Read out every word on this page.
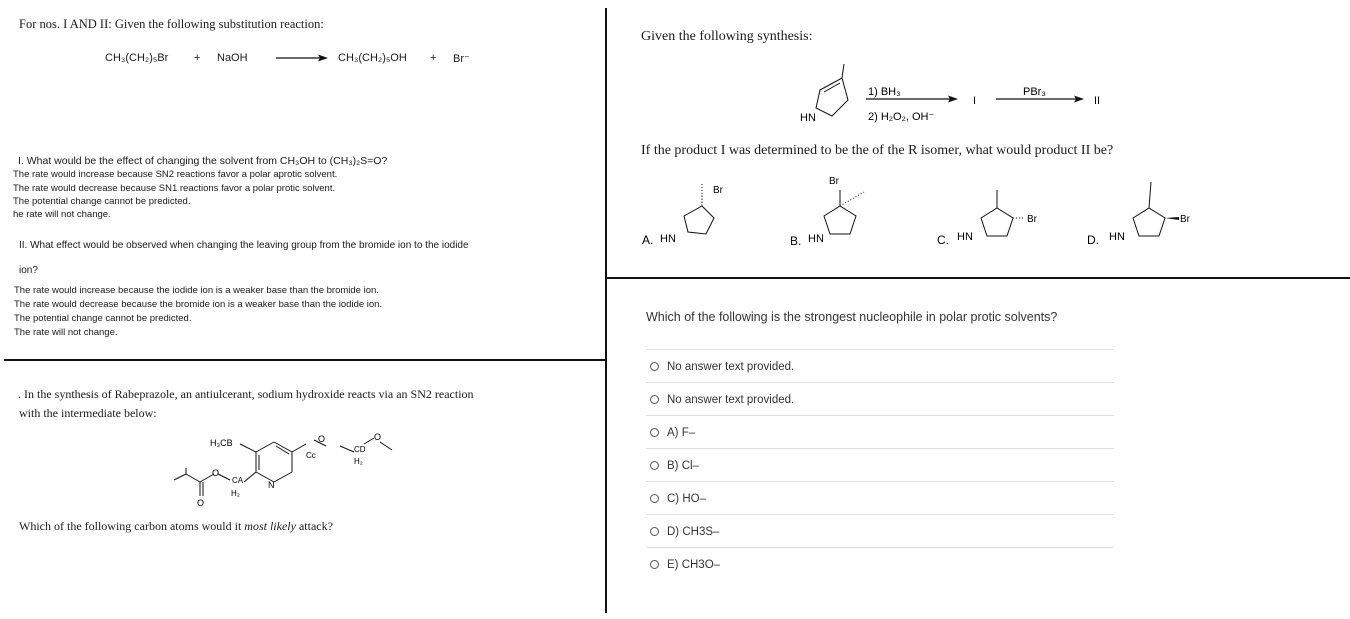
For nos. I AND II: Given the following substitution reaction:
CH₃(CH₂)₅Br + NaOH → CH₃(CH₂)₅OH + Br⁻
I. What would be the effect of changing the solvent from CH₃OH to (CH₃)₂S=O?
The rate would increase because SN2 reactions favor a polar aprotic solvent.
The rate would decrease because SN1 reactions favor a polar protic solvent.
The potential change cannot be predicted.
he rate will not change.
II. What effect would be observed when changing the leaving group from the bromide ion to the iodide
ion?
The rate would increase because the iodide ion is a weaker base than the bromide ion.
The rate would decrease because the bromide ion is a weaker base than the iodide ion.
The potential change cannot be predicted.
The rate will not change.
. In the synthesis of Rabeprazole, an antiulcerant, sodium hydroxide reacts via an SN2 reaction
with the intermediate below:
H₃CB
Cc
O
CD
H₂
O
CA
H₂
N
O
O
Which of the following carbon atoms would it most likely attack?
Given the following synthesis:
HN
1) BH₃
2) H₂O₂, OH⁻
I
PBr₃
II
If the product I was determined to be the of the R isomer, what would product II be?
A. HN
Br
B. HN
Br
C. HN
Br
D. HN
Br
Which of the following is the strongest nucleophile in polar protic solvents?
No answer text provided.
No answer text provided.
A) F–
B) Cl–
C) HO–
D) CH3S–
E) CH3O–
